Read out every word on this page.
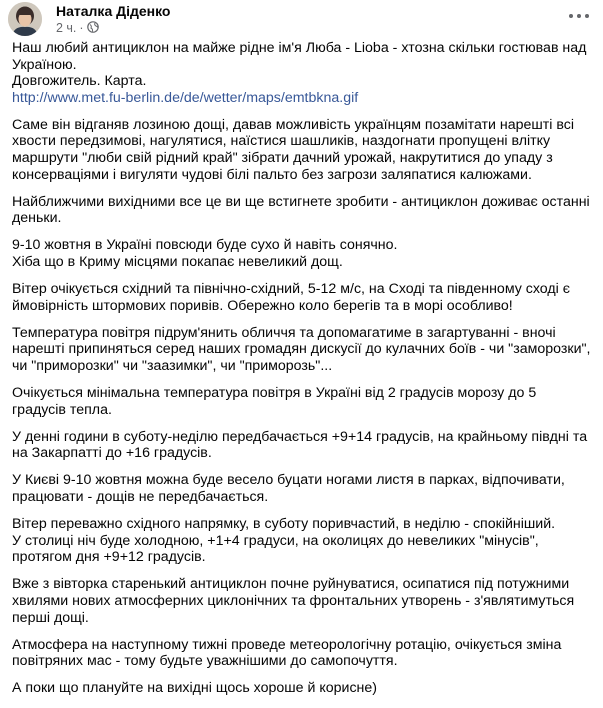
Наталка Діденко
2 ч. ·

Наш любий антициклон на майже рідне ім'я Люба - Lioba - хтозна скільки гостював над Україною.
Довгожитель. Карта.
http://www.met.fu-berlin.de/de/wetter/maps/emtbkna.gif

Саме він відганяв лозиною дощі, давав можливість українцям позамітати нарешті всі хвости передзимові, нагулятися, наїстися шашликів, наздогнати пропущені влітку маршрути "люби свій рідний край" зібрати дачний урожай, накрутитися до упаду з консерваціями і вигуляти чудові білі пальто без загрози заляпатися калюжами.

Найближчими вихідними все це ви ще встигнете зробити - антициклон доживає останні деньки.

9-10 жовтня в Україні повсюди буде сухо й навіть сонячно.
Хіба що в Криму місцями покапає невеликий дощ.

Вітер очікується східний та північно-східний, 5-12 м/с, на Сході та південному сході є ймовірність штормових поривів. Обережно коло берегів та в морі особливо!

Температура повітря підрум'янить обличчя та допомагатиме в загартуванні - вночі нарешті припиняться серед наших громадян дискусії до кулачних боїв - чи "заморозки", чи "приморозки" чи "заазимки", чи "приморозь"...

Очікується мінімальна температура повітря в Україні від 2 градусів морозу до 5 градусів тепла.

У денні години в суботу-неділю передбачається +9+14 градусів, на крайньому півдні та на Закарпатті до +16 градусів.

У Києві 9-10 жовтня можна буде весело буцати ногами листя в парках, відпочивати, працювати - дощів не передбачається.

Вітер переважно східного напрямку, в суботу поривчастий, в неділю - спокійніший.
У столиці ніч буде холодною, +1+4 градуси, на околицях до невеликих "мінусів", протягом дня +9+12 градусів.

Вже з вівторка старенький антициклон почне руйнуватися, осипатися під потужними хвилями нових атмосферних циклонічних та фронтальних утворень - з'являтимуться перші дощі.

Атмосфера на наступному тижні проведе метеорологічну ротацію, очікується зміна повітряних мас - тому будьте уважнішими до самопочуття.

А поки що плануйте на вихідні щось хороше й корисне)
